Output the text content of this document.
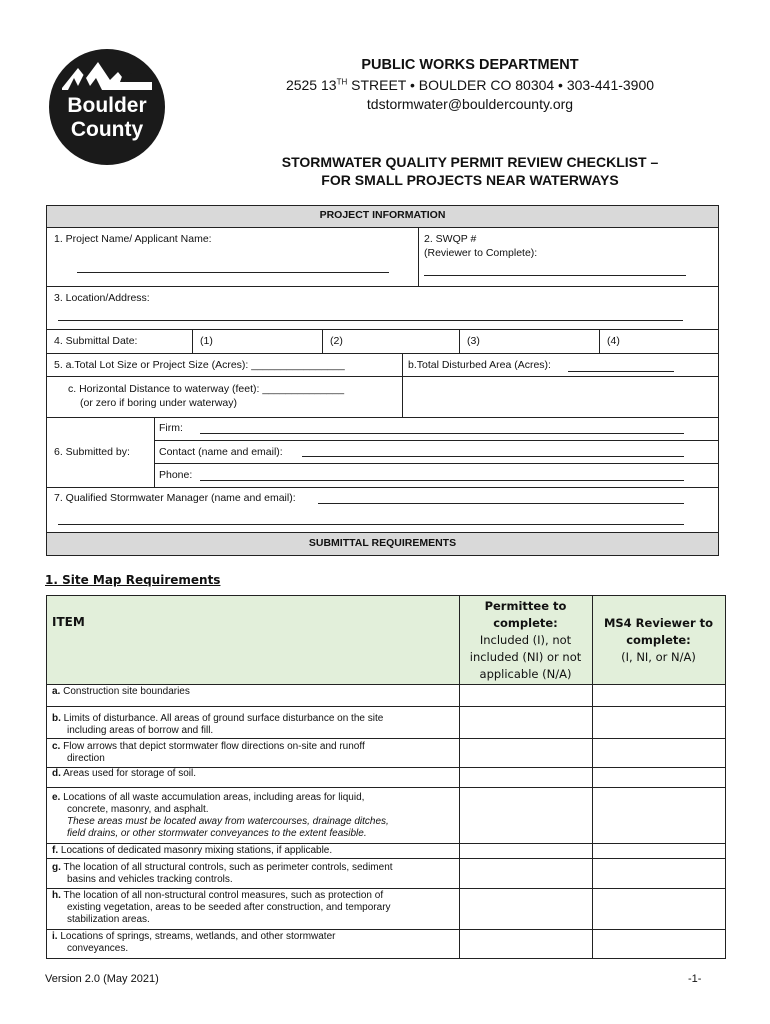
Boulder
County
PUBLIC WORKS DEPARTMENT
2525 13TH STREET • BOULDER CO 80304 • 303-441-3900
tdstormwater@bouldercounty.org
STORMWATER QUALITY PERMIT REVIEW CHECKLIST –
FOR SMALL PROJECTS NEAR WATERWAYS
PROJECT INFORMATION
1. Project Name/ Applicant Name:	2. SWQP #
(Reviewer to Complete):
3. Location/Address:
4. Submittal Date:	(1)	(2)	(3)	(4)
5. a.Total Lot Size or Project Size (Acres): ________________	b.Total Disturbed Area (Acres):
c. Horizontal Distance to waterway (feet): ______________
(or zero if boring under waterway)
6. Submitted by:
Firm:
Contact (name and email):
Phone:
7. Qualified Stormwater Manager (name and email):
SUBMITTAL REQUIREMENTS
1. Site Map Requirements
ITEM
Permittee to
complete:
Included (I), not
included (NI) or not
applicable (N/A)
MS4 Reviewer to
complete:
(I, NI, or N/A)
a. Construction site boundaries
b. Limits of disturbance. All areas of ground surface disturbance on the site
including areas of borrow and fill.
c. Flow arrows that depict stormwater flow directions on-site and runoff
direction
d. Areas used for storage of soil.
e. Locations of all waste accumulation areas, including areas for liquid,
concrete, masonry, and asphalt.
These areas must be located away from watercourses, drainage ditches,
field drains, or other stormwater conveyances to the extent feasible.
f. Locations of dedicated masonry mixing stations, if applicable.
g. The location of all structural controls, such as perimeter controls, sediment
basins and vehicles tracking controls.
h. The location of all non-structural control measures, such as protection of
existing vegetation, areas to be seeded after construction, and temporary
stabilization areas.
i. Locations of springs, streams, wetlands, and other stormwater
conveyances.
Version 2.0 (May 2021)	-1-
